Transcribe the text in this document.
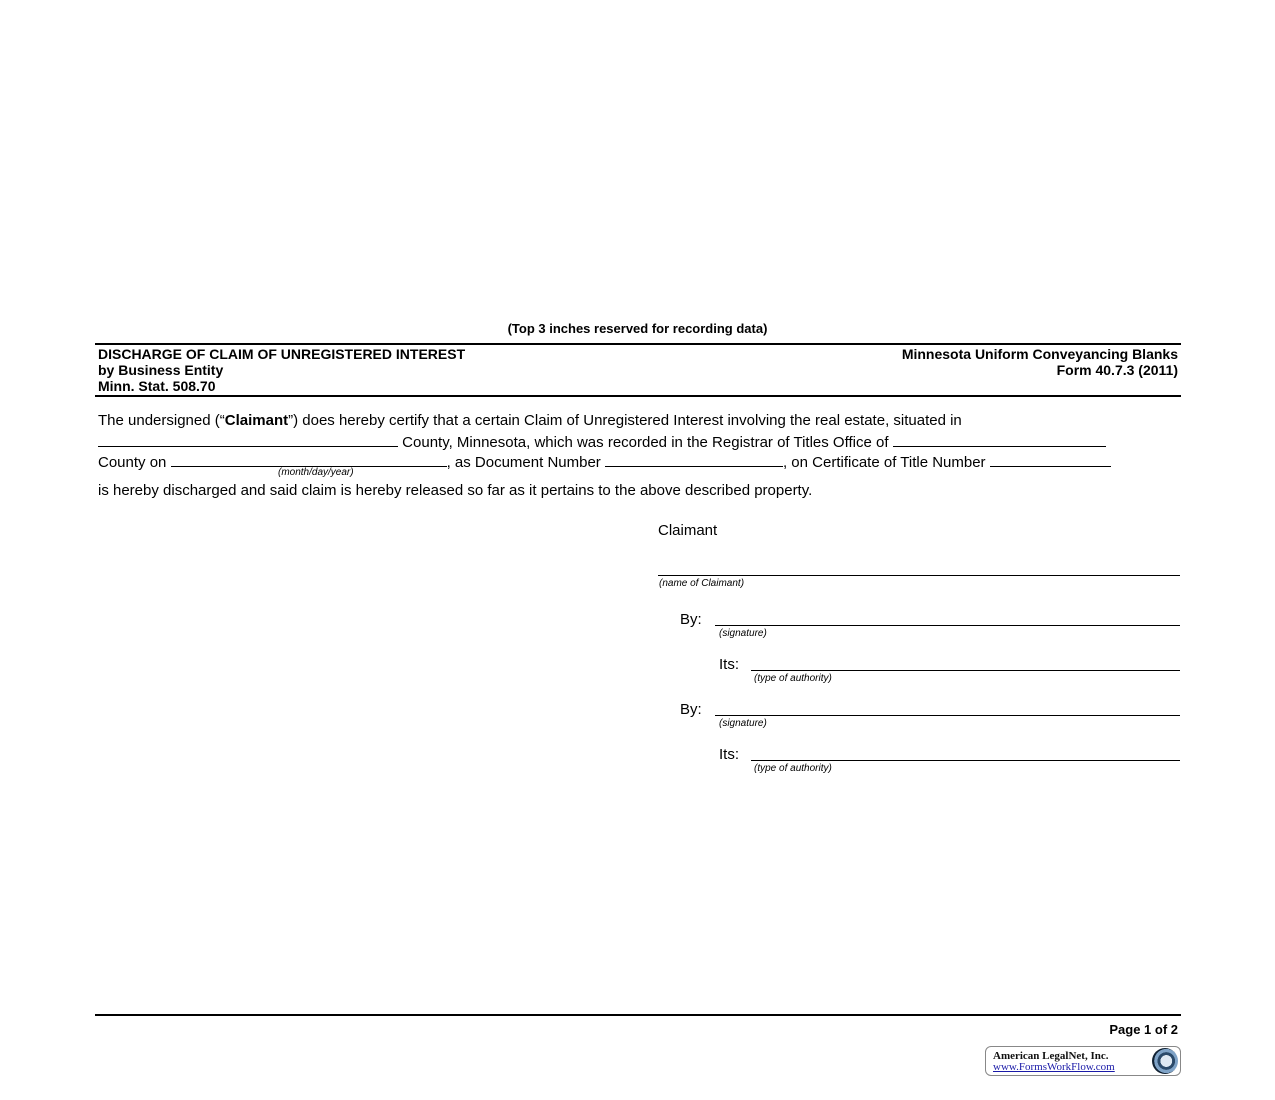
(Top 3 inches reserved for recording data)
DISCHARGE OF CLAIM OF UNREGISTERED INTEREST
by Business Entity
Minn. Stat. 508.70
Minnesota Uniform Conveyancing Blanks
Form 40.7.3 (2011)
The undersigned (“Claimant”) does hereby certify that a certain Claim of Unregistered Interest involving the real estate, situated in
County, Minnesota, which was recorded in the Registrar of Titles Office of
County on	, as Document Number	, on Certificate of Title Number
(month/day/year)
is hereby discharged and said claim is hereby released so far as it pertains to the above described property.
Claimant
(name of Claimant)
By:
(signature)
Its:
(type of authority)
By:
(signature)
Its:
(type of authority)
Page 1 of 2
American LegalNet, Inc.
www.FormsWorkFlow.com
